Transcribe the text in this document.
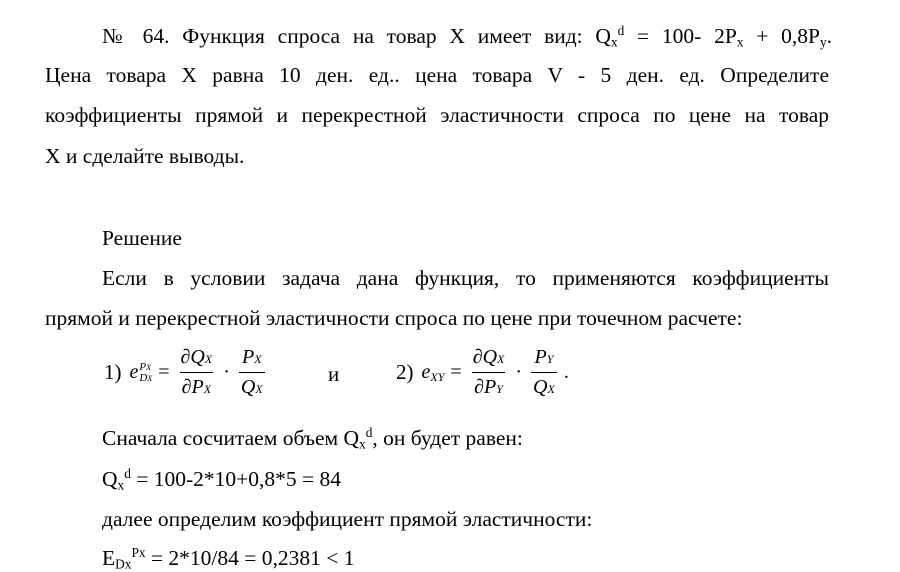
№ 64. Функция спроса на товар X имеет вид: $Q_x^d = 100-$ $2P_x + 0,8P_y$.
Цена товара X равна 10 ден. ед.. цена товара V - 5 ден. ед. Определите
коэффициенты прямой и перекрестной эластичности спроса по цене на товар
X и сделайте выводы.
Решение
Если в условии задача дана функция, то применяются коэффициенты
прямой и перекрестной эластичности спроса по цене при точечном расчете:
1) e PX
DX = $\frac{\partial QX}{\partial PX} \cdot \frac{PX}{QX}$	и	2) $e_{XY} = \frac{\partial QX}{\partial PY} \cdot \frac{PY}{QX}$ .
Сначала сосчитаем объем $Q_x^d$, он будет равен:
$Q_x^d = 100-2*10+0,8*5 = 84$
далее определим коэффициент прямой эластичности:
$E_{Dx}^{Px} = 2*10/84 = 0,2381 < 1$
